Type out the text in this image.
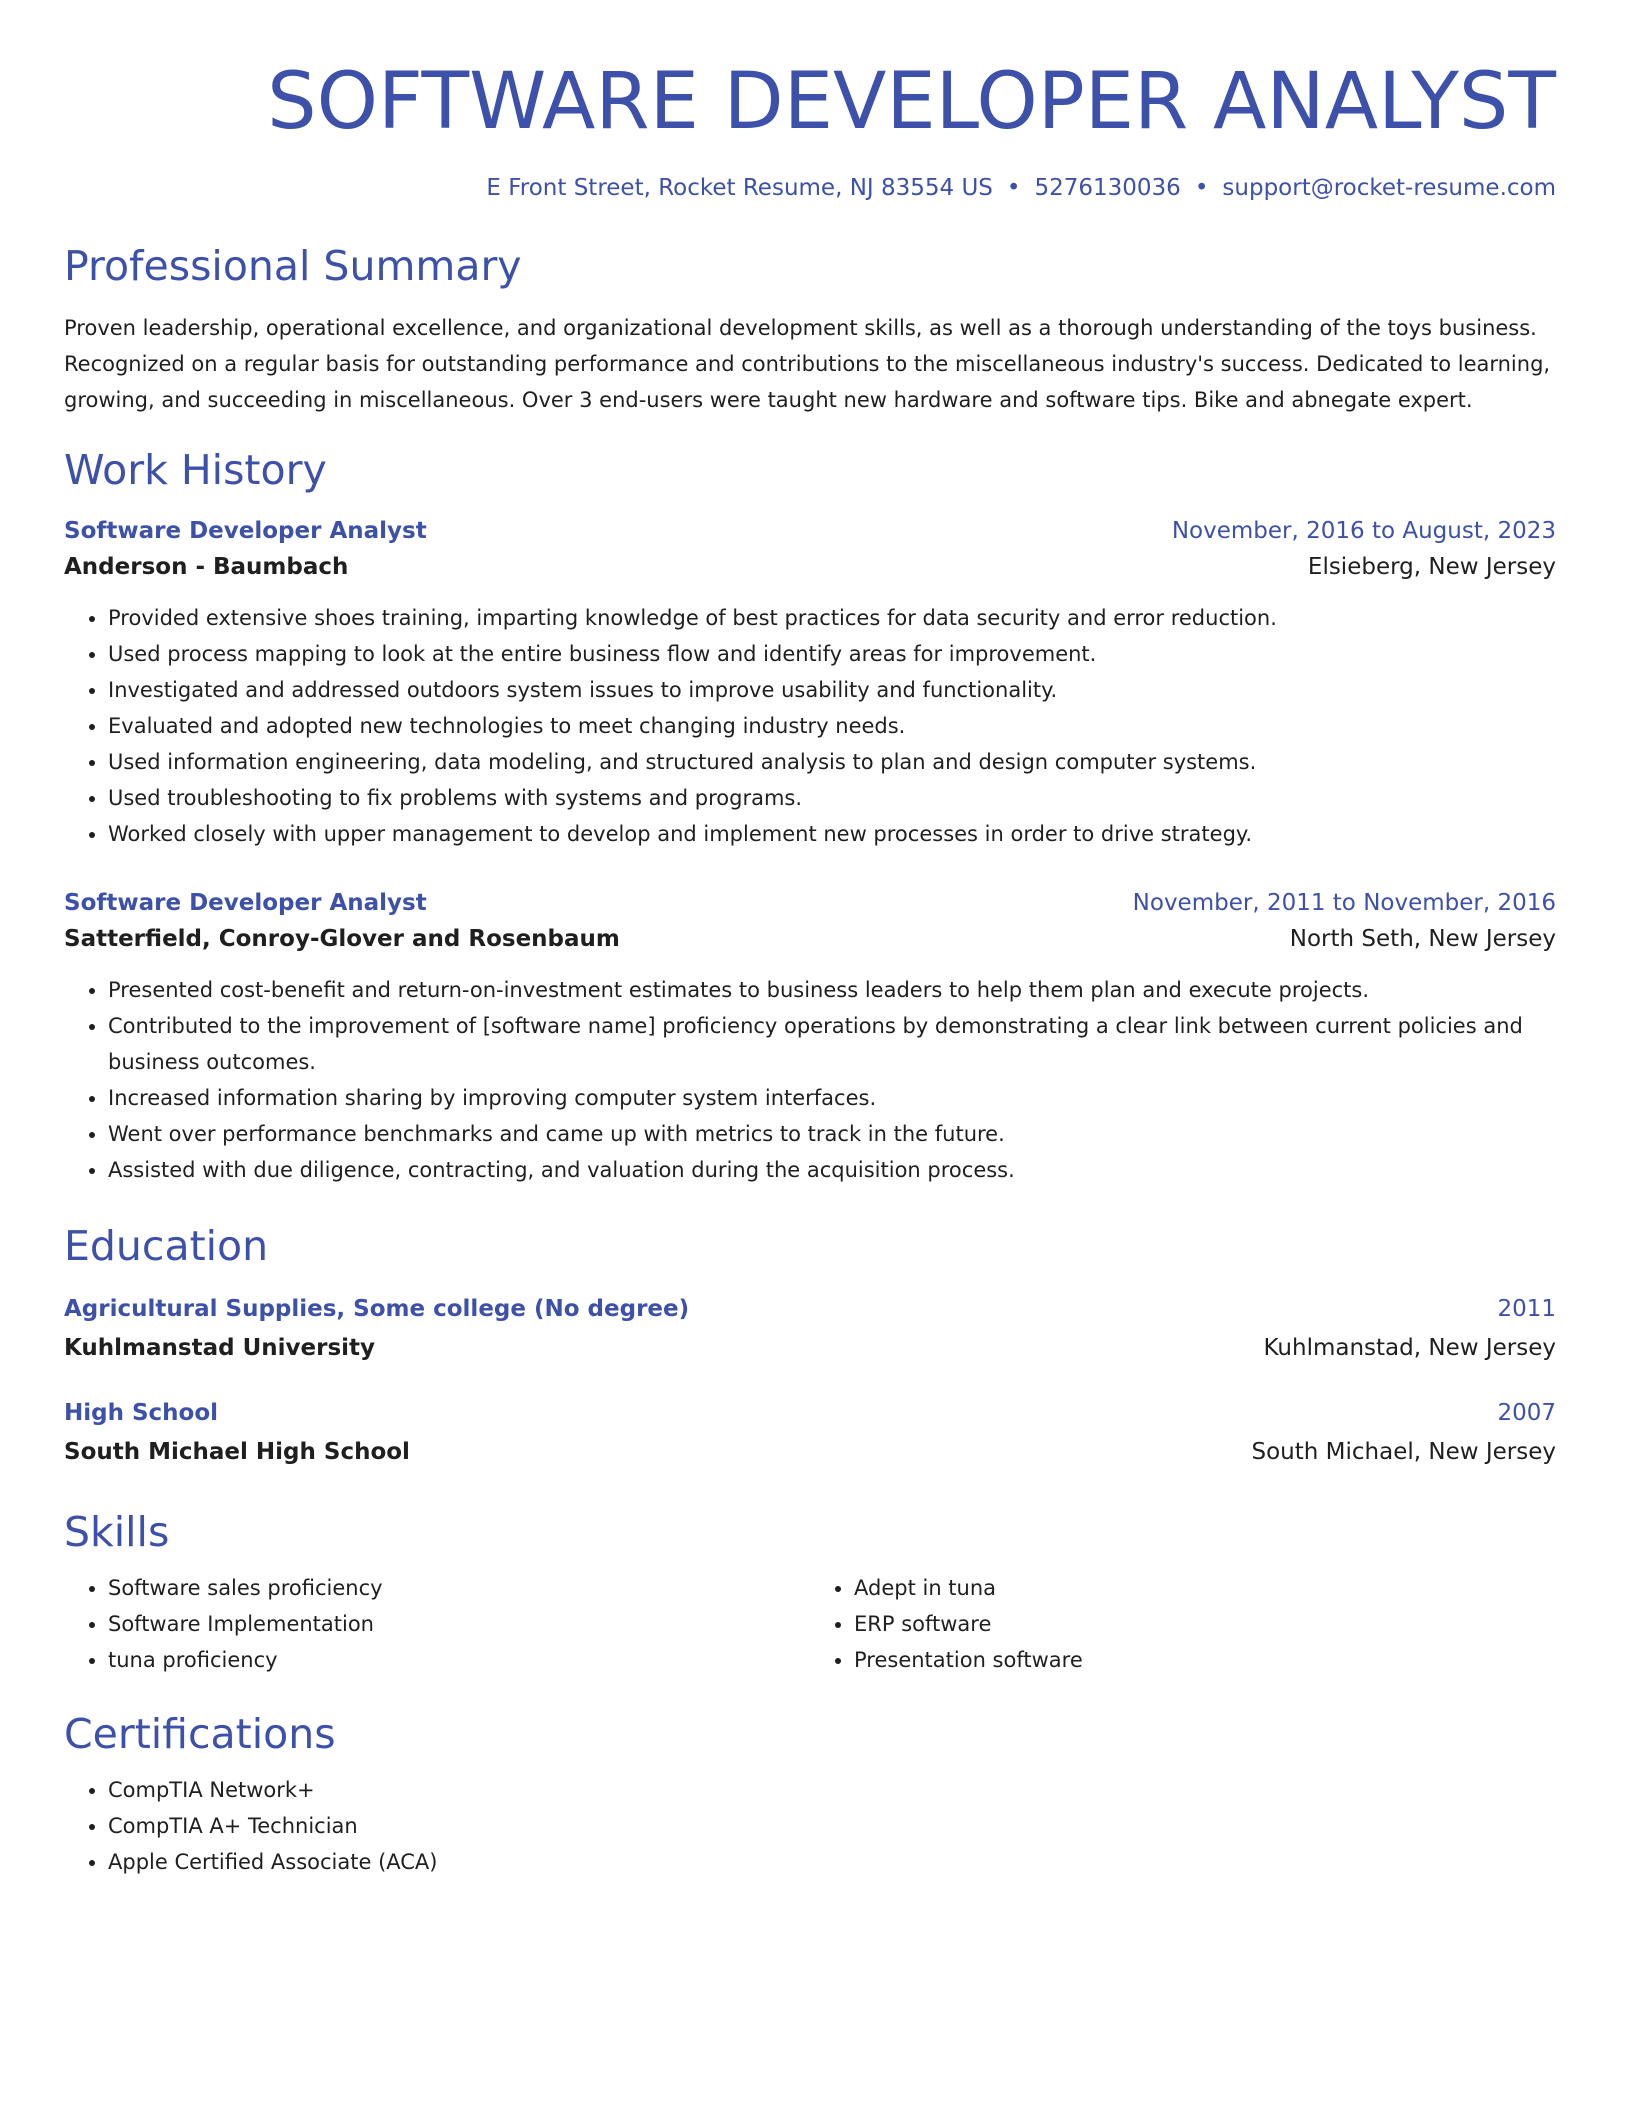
SOFTWARE DEVELOPER ANALYST
E Front Street, Rocket Resume, NJ 83554 US • 5276130036 • support@rocket-resume.com
Professional Summary
Proven leadership, operational excellence, and organizational development skills, as well as a thorough understanding of the toys business. Recognized on a regular basis for outstanding performance and contributions to the miscellaneous industry's success. Dedicated to learning, growing, and succeeding in miscellaneous. Over 3 end-users were taught new hardware and software tips. Bike and abnegate expert.
Work History
Software Developer Analyst	November, 2016 to August, 2023
Anderson - Baumbach	Elsieberg, New Jersey
• Provided extensive shoes training, imparting knowledge of best practices for data security and error reduction.
• Used process mapping to look at the entire business flow and identify areas for improvement.
• Investigated and addressed outdoors system issues to improve usability and functionality.
• Evaluated and adopted new technologies to meet changing industry needs.
• Used information engineering, data modeling, and structured analysis to plan and design computer systems.
• Used troubleshooting to fix problems with systems and programs.
• Worked closely with upper management to develop and implement new processes in order to drive strategy.
Software Developer Analyst	November, 2011 to November, 2016
Satterfield, Conroy-Glover and Rosenbaum	North Seth, New Jersey
• Presented cost-benefit and return-on-investment estimates to business leaders to help them plan and execute projects.
• Contributed to the improvement of [software name] proficiency operations by demonstrating a clear link between current policies and business outcomes.
• Increased information sharing by improving computer system interfaces.
• Went over performance benchmarks and came up with metrics to track in the future.
• Assisted with due diligence, contracting, and valuation during the acquisition process.
Education
Agricultural Supplies, Some college (No degree)	2011
Kuhlmanstad University	Kuhlmanstad, New Jersey
High School	2007
South Michael High School	South Michael, New Jersey
Skills
• Software sales proficiency
• Software Implementation
• tuna proficiency
• Adept in tuna
• ERP software
• Presentation software
Certifications
• CompTIA Network+
• CompTIA A+ Technician
• Apple Certified Associate (ACA)
